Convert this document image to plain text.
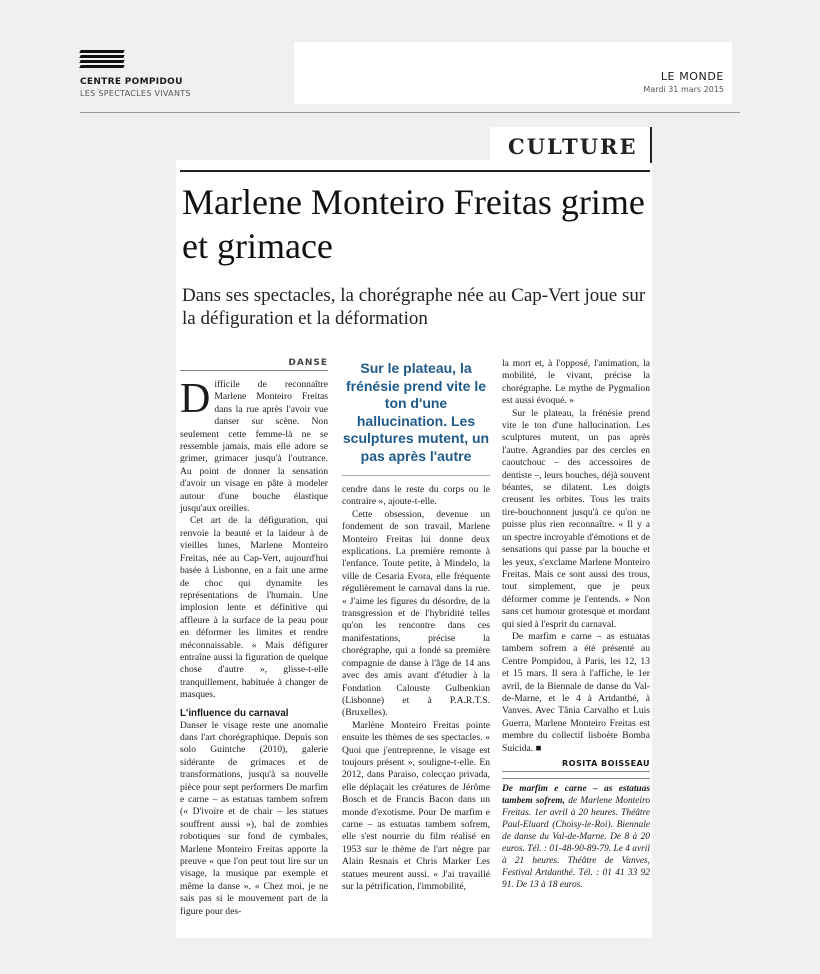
CENTRE POMPIDOU
LES SPECTACLES VIVANTS
LE MONDE
Mardi 31 mars 2015
Marlene Monteiro Freitas grime et grimace
Dans ses spectacles, la chorégraphe née au Cap-Vert joue sur la défiguration et la déformation
DANSE

Difficile de reconnaître Marlene Monteiro Freitas dans la rue après l'avoir vue danser sur scène. Non seulement cette femme-là ne se ressemble jamais, mais elle adore se grimer, grimacer jusqu'à l'outrance. Au point de donner la sensation d'avoir un visage en pâte à modeler autour d'une bouche élastique jusqu'aux oreilles.

Cet art de la défiguration, qui renvoie la beauté et la laideur à de vieilles lunes, Marlene Monteiro Freitas, née au Cap-Vert, aujourd'hui basée à Lisbonne, en a fait une arme de choc qui dynamite les représentations de l'humain. Une implosion lente et définitive qui affleure à la surface de la peau pour en déformer les limites et rendre méconnaissable. « Mais défigurer entraîne aussi la figuration de quelque chose d'autre », glisse-t-elle tranquillement, habituée à changer de masques.

L'influence du carnaval

Danser le visage reste une anomalie dans l'art chorégraphique. Depuis son solo Guintche (2010), galerie sidérante de grimaces et de transformations, jusqu'à sa nouvelle pièce pour sept performers De marfim e carne – as estatuas tambem sofrem (« D'ivoire et de chair – les statues souffrent aussi »), bal de zombies robotiques sur fond de cymbales, Marlene Monteiro Freitas apporte la preuve « que l'on peut tout lire sur un visage, la musique par exemple et même la danse ». « Chez moi, je ne sais pas si le mouvement part de la figure pour des-

Sur le plateau, la frénésie prend vite le ton d'une hallucination. Les sculptures mutent, un pas après l'autre

cendre dans le reste du corps ou le contraire », ajoute-t-elle.

Cette obsession, devenue un fondement de son travail, Marlene Monteiro Freitas lui donne deux explications. La première remonte à l'enfance. Toute petite, à Mindelo, la ville de Cesaria Evora, elle fréquente régulièrement le carnaval dans la rue. « J'aime les figures du désordre, de la transgression et de l'hybridité telles qu'on les rencontre dans ces manifestations, précise la chorégraphe, qui a fondé sa première compagnie de danse à l'âge de 14 ans avec des amis avant d'étudier à la Fondation Calouste Gulbenkian (Lisbonne) et à P.A.R.T.S. (Bruxelles).

Marlène Monteiro Freitas pointe ensuite les thèmes de ses spectacles. « Quoi que j'entreprenne, le visage est toujours présent », souligne-t-elle. En 2012, dans Paraiso, colecçao privada, elle déplaçait les créatures de Jérôme Bosch et de Francis Bacon dans un monde d'exotisme. Pour De marfim e carne – as estuatas tambem sofrem, elle s'est nourrie du film réalisé en 1953 sur le thème de l'art nègre par Alain Resnais et Chris Marker Les statues meurent aussi. « J'ai travaillé sur la pétrification, l'immobilité,

la mort et, à l'opposé, l'animation, la mobilité, le vivant, précise la chorégraphe. Le mythe de Pygmalion est aussi évoqué. »

Sur le plateau, la frénésie prend vite le ton d'une hallucination. Les sculptures mutent, un pas après l'autre. Agrandies par des cercles en caoutchouc – des accessoires de dentiste –, leurs bouches, déjà souvent béantes, se dilatent. Les doigts creusent les orbites. Tous les traits tire-bouchonnent jusqu'à ce qu'on ne puisse plus rien reconnaître. « Il y a un spectre incroyable d'émotions et de sensations qui passe par la bouche et les yeux, s'exclame Marlene Monteiro Freitas. Mais ce sont aussi des trous, tout simplement, que je peux déformer comme je l'entends. » Non sans cet humour grotesque et mordant qui sied à l'esprit du carnaval.

De marfim e carne – as estuatas tambem sofrem a été présenté au Centre Pompidou, à Paris, les 12, 13 et 15 mars. Il sera à l'affiche, le 1er avril, de la Biennale de danse du Val-de-Marne, et le 4 à Artdanthé, à Vanves. Avec Tânia Carvalho et Luis Guerra, Marlene Monteiro Freitas est membre du collectif lisboète Bomba Suicida. ■

ROSITA BOISSEAU
De marfim e carne – as estatuas tambem sofrem, de Marlene Monteiro Freitas. 1er avril à 20 heures. Théâtre Paul-Eluard (Choisy-le-Roi). Biennale de danse du Val-de-Marne. De 8 à 20 euros. Tél. : 01-48-90-89-79. Le 4 avril à 21 heures. Théâtre de Vanves, Festival Artdanthé. Tél. : 01 41 33 92 91. De 13 à 18 euros.
CULTURE
